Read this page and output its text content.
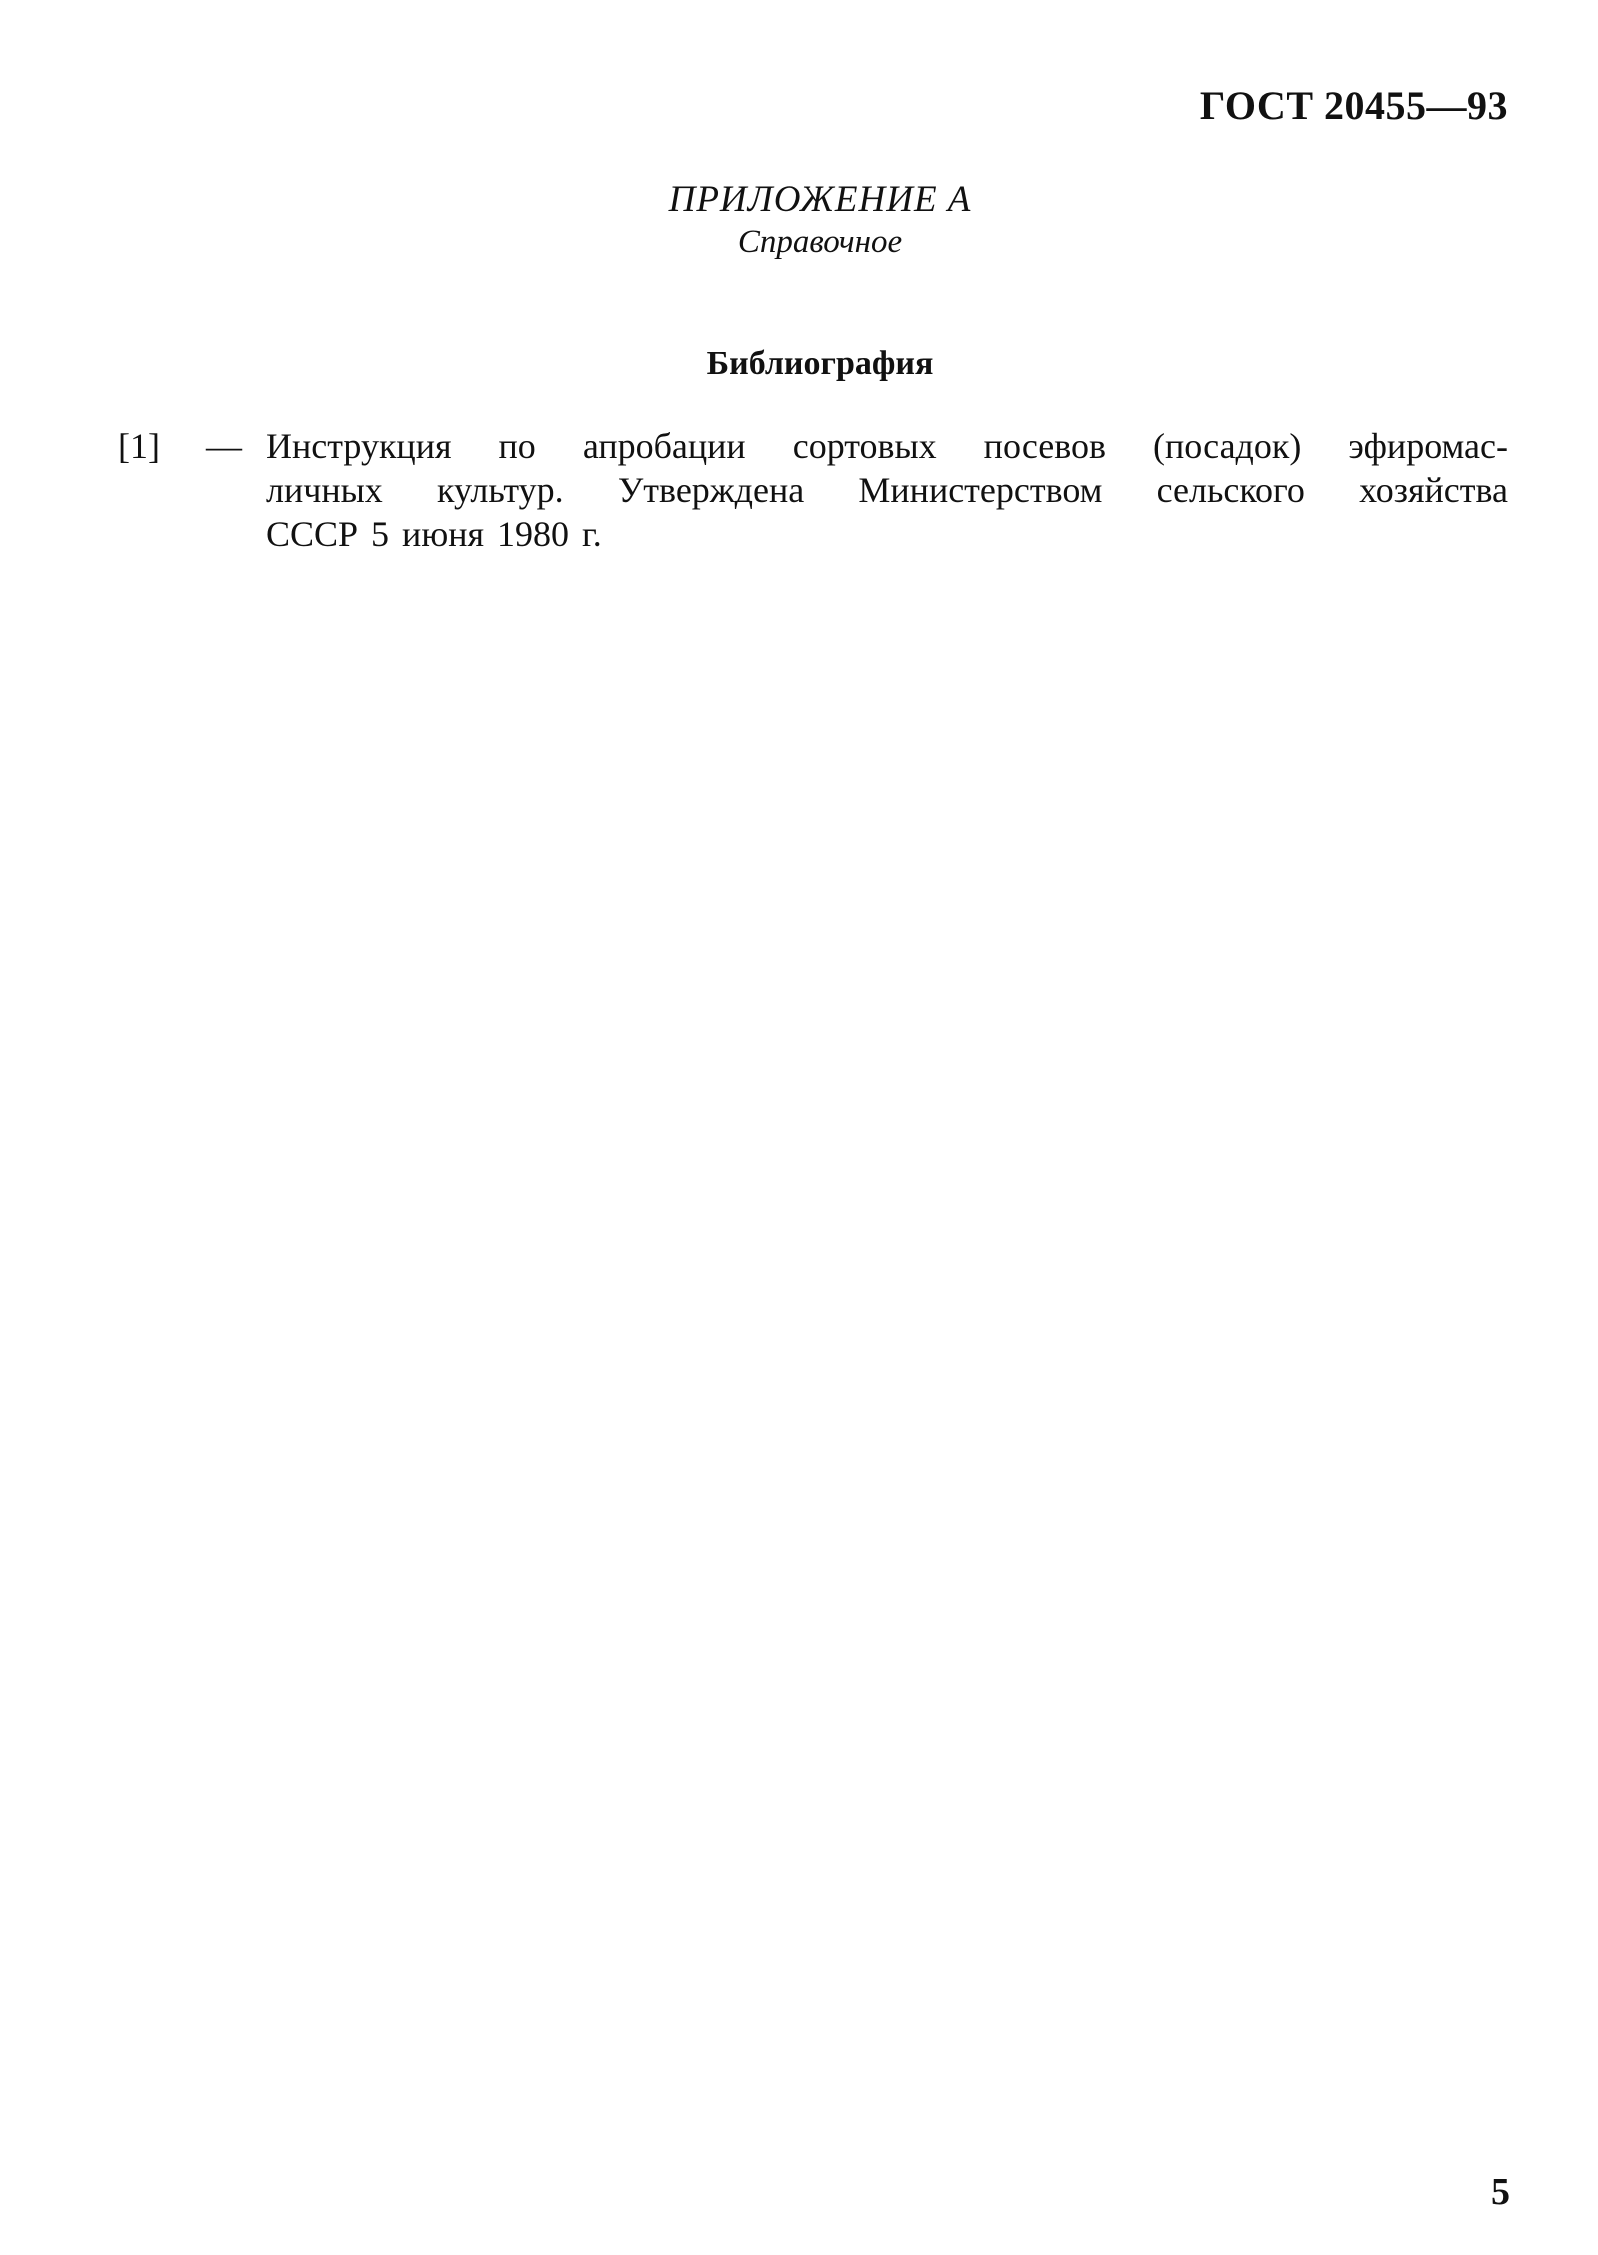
ГОСТ 20455—93
ПРИЛОЖЕНИЕ А
Справочное
Библиография
[1] — Инструкция по апробации сортовых посевов (посадок) эфиромас-
личных культур. Утверждена Министерством сельского хозяйства
СССР 5 июня 1980 г.
5
